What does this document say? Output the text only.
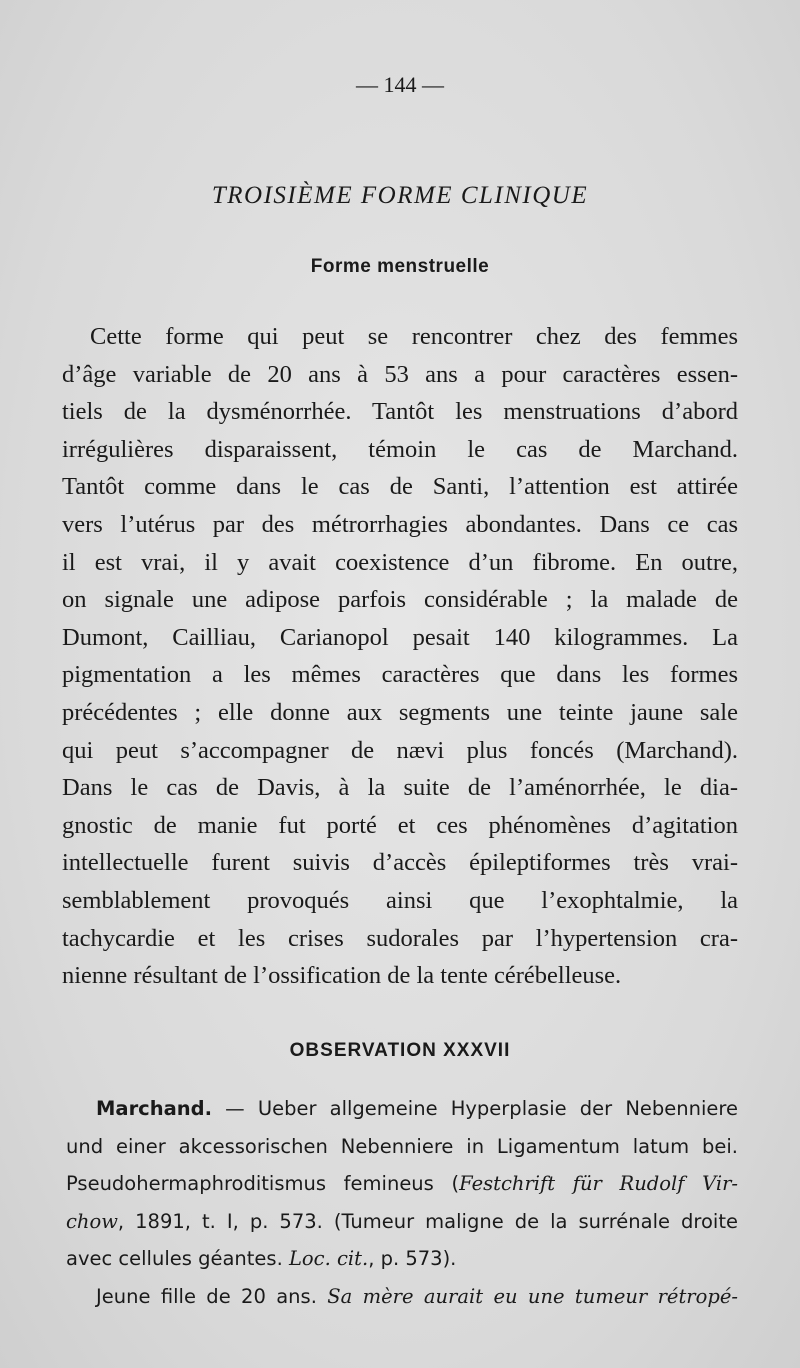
— 144 —
TROISIÈME FORME CLINIQUE
Forme menstruelle
Cette forme qui peut se rencontrer chez des femmes
d’âge variable de 20 ans à 53 ans a pour caractères essen-
tiels de la dysménorrhée. Tantôt les menstruations d’abord
irrégulières disparaissent, témoin le cas de Marchand.
Tantôt comme dans le cas de Santi, l’attention est attirée
vers l’utérus par des métrorrhagies abondantes. Dans ce cas
il est vrai, il y avait coexistence d’un fibrome. En outre,
on signale une adipose parfois considérable ; la malade de
Dumont, Cailliau, Carianopol pesait 140 kilogrammes. La
pigmentation a les mêmes caractères que dans les formes
précédentes ; elle donne aux segments une teinte jaune sale
qui peut s’accompagner de nævi plus foncés (Marchand).
Dans le cas de Davis, à la suite de l’aménorrhée, le dia-
gnostic de manie fut porté et ces phénomènes d’agitation
intellectuelle furent suivis d’accès épileptiformes très vrai-
semblablement provoqués ainsi que l’exophtalmie, la
tachycardie et les crises sudorales par l’hypertension cra-
nienne résultant de l’ossification de la tente cérébelleuse.
OBSERVATION XXXVII
Marchand. — Ueber allgemeine Hyperplasie der Nebenniere
und einer akcessorischen Nebenniere in Ligamentum latum bei.
Pseudohermaphroditismus femineus (Festchrift für Rudolf Vir-
chow, 1891, t. I, p. 573. (Tumeur maligne de la surrénale droite
avec cellules géantes. Loc. cit., p. 573).
Jeune fille de 20 ans. Sa mère aurait eu une tumeur rétropé-
